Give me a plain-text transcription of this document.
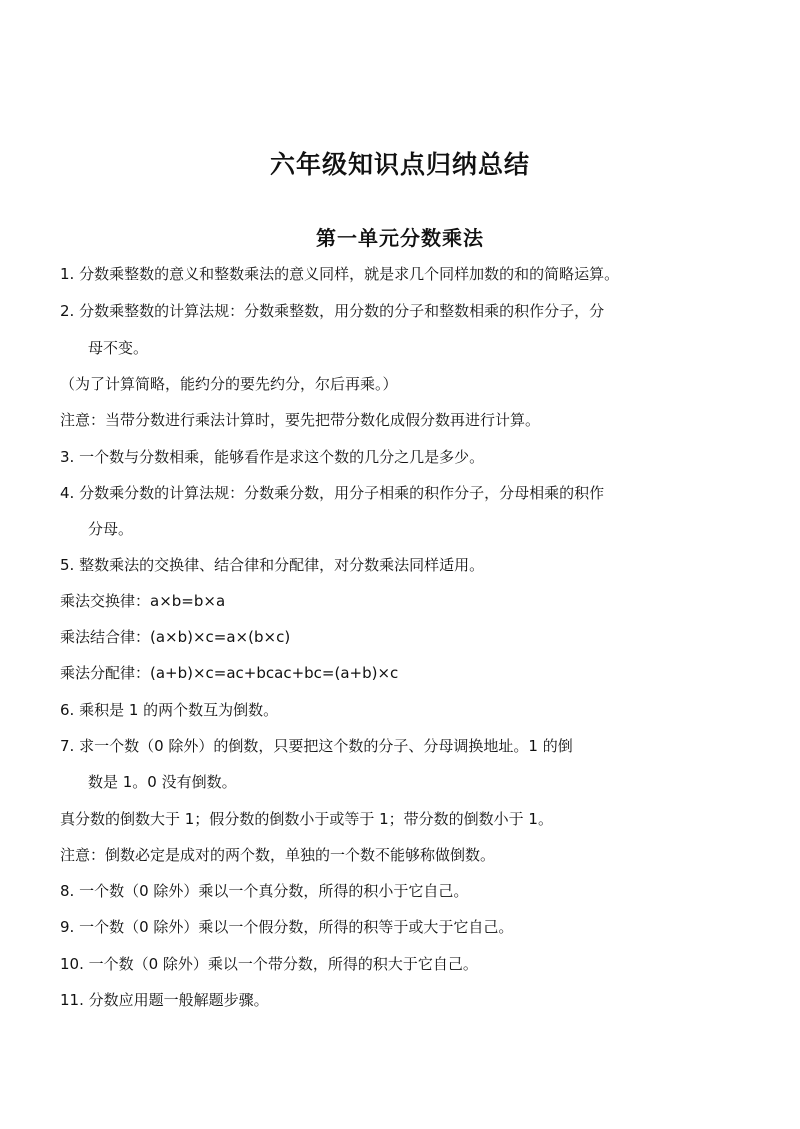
六年级知识点归纳总结
第一单元分数乘法
1. 分数乘整数的意义和整数乘法的意义同样，就是求几个同样加数的和的简略运算。
2. 分数乘整数的计算法规：分数乘整数，用分数的分子和整数相乘的积作分子，分
母不变。
（为了计算简略，能约分的要先约分，尔后再乘。）
注意：当带分数进行乘法计算时，要先把带分数化成假分数再进行计算。
3. 一个数与分数相乘，能够看作是求这个数的几分之几是多少。
4. 分数乘分数的计算法规：分数乘分数，用分子相乘的积作分子，分母相乘的积作
分母。
5. 整数乘法的交换律、结合律和分配律，对分数乘法同样适用。
乘法交换律：a×b=b×a
乘法结合律：(a×b)×c=a×(b×c)
乘法分配律：(a+b)×c=ac+bcac+bc=(a+b)×c
6. 乘积是 1 的两个数互为倒数。
7. 求一个数（0 除外）的倒数，只要把这个数的分子、分母调换地址。1 的倒
数是 1。0 没有倒数。
真分数的倒数大于 1；假分数的倒数小于或等于 1；带分数的倒数小于 1。
注意：倒数必定是成对的两个数，单独的一个数不能够称做倒数。
8. 一个数（0 除外）乘以一个真分数，所得的积小于它自己。
9. 一个数（0 除外）乘以一个假分数，所得的积等于或大于它自己。
10. 一个数（0 除外）乘以一个带分数，所得的积大于它自己。
11. 分数应用题一般解题步骤。
